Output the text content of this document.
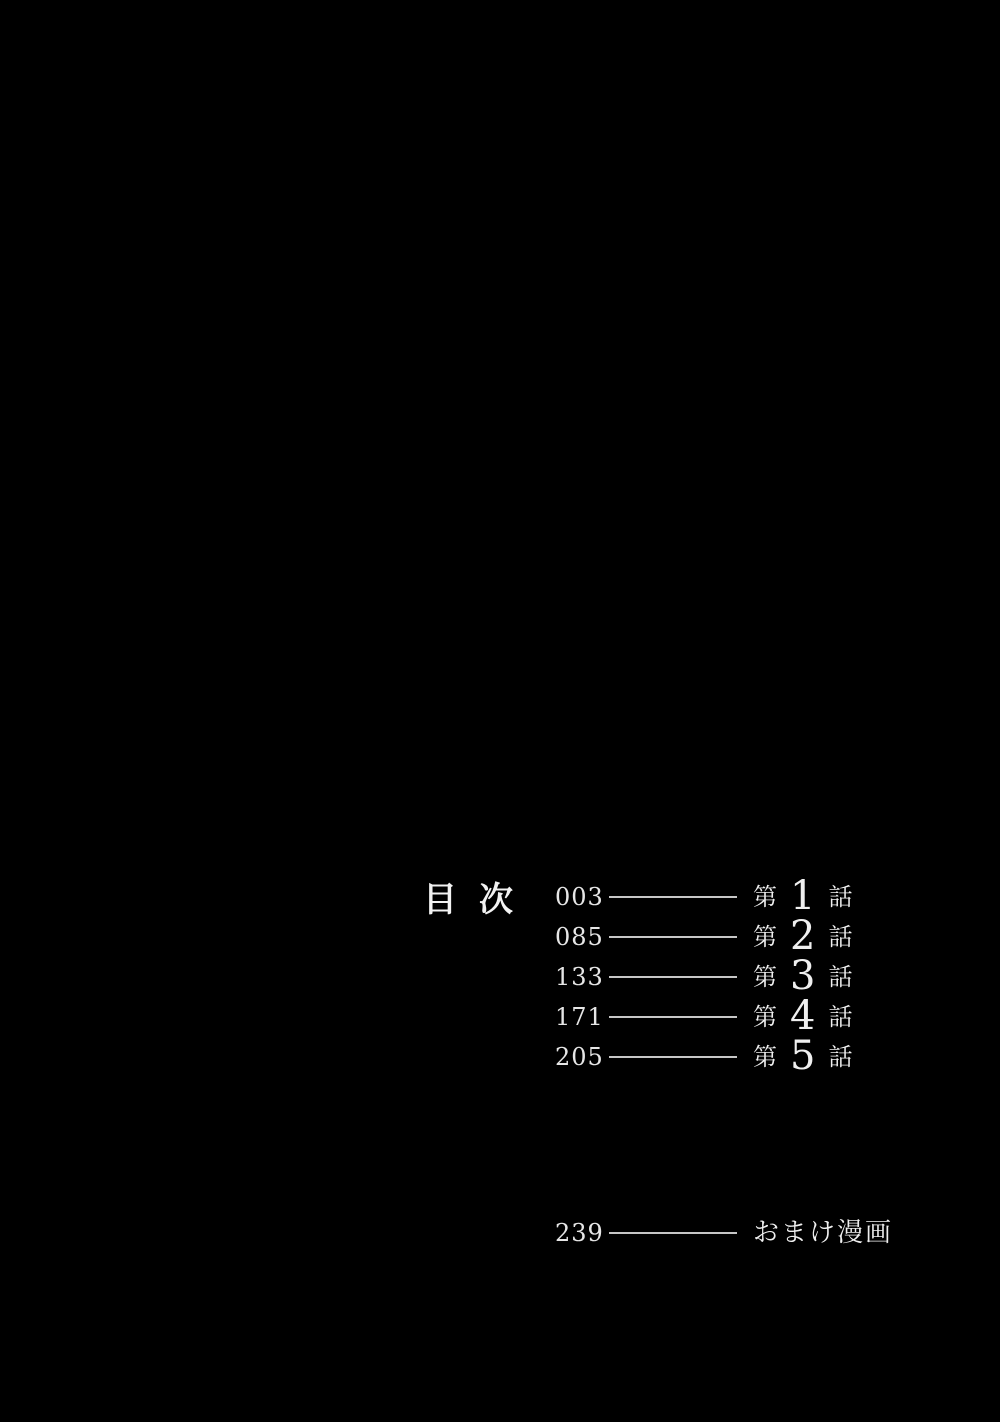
目次 003	第 1 話
085	第 2 話
133	第 3 話
171	第 4 話
205	第 5 話
239	おまけ漫画
